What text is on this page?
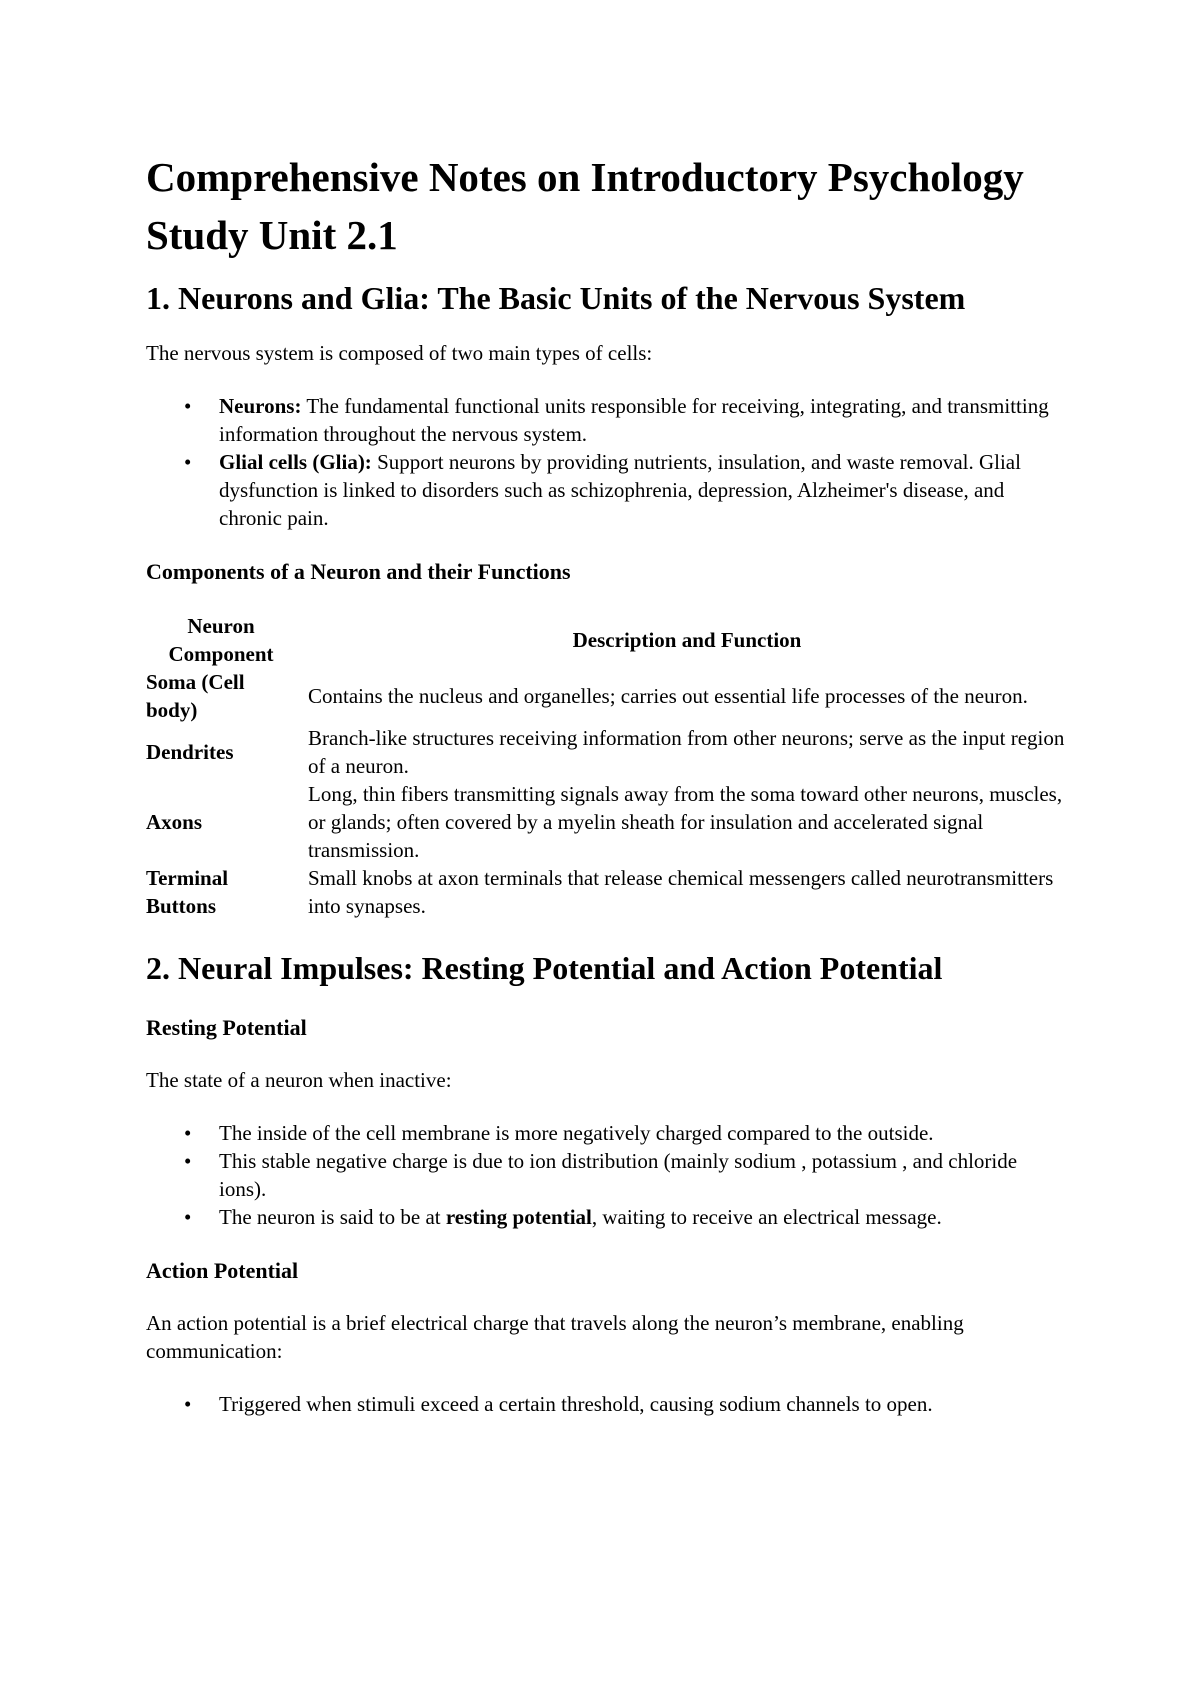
Comprehensive Notes on Introductory Psychology Study Unit 2.1
1. Neurons and Glia: The Basic Units of the Nervous System

The nervous system is composed of two main types of cells:

• Neurons: The fundamental functional units responsible for receiving, integrating, and transmitting information throughout the nervous system.
• Glial cells (Glia): Support neurons by providing nutrients, insulation, and waste removal. Glial dysfunction is linked to disorders such as schizophrenia, depression, Alzheimer's disease, and chronic pain.
Components of a Neuron and their Functions
Neuron Component	Description and Function
Soma (Cell body)	Contains the nucleus and organelles; carries out essential life processes of the neuron.
Dendrites	Branch-like structures receiving information from other neurons; serve as the input region of a neuron.
Axons	Long, thin fibers transmitting signals away from the soma toward other neurons, muscles, or glands; often covered by a myelin sheath for insulation and accelerated signal transmission.
Terminal Buttons	Small knobs at axon terminals that release chemical messengers called neurotransmitters into synapses.
2. Neural Impulses: Resting Potential and Action Potential
Resting Potential

The state of a neuron when inactive:

• The inside of the cell membrane is more negatively charged compared to the outside.
• This stable negative charge is due to ion distribution (mainly sodium , potassium , and chloride ions).
• The neuron is said to be at resting potential, waiting to receive an electrical message.
Action Potential

An action potential is a brief electrical charge that travels along the neuron’s membrane, enabling communication:

• Triggered when stimuli exceed a certain threshold, causing sodium channels to open.
